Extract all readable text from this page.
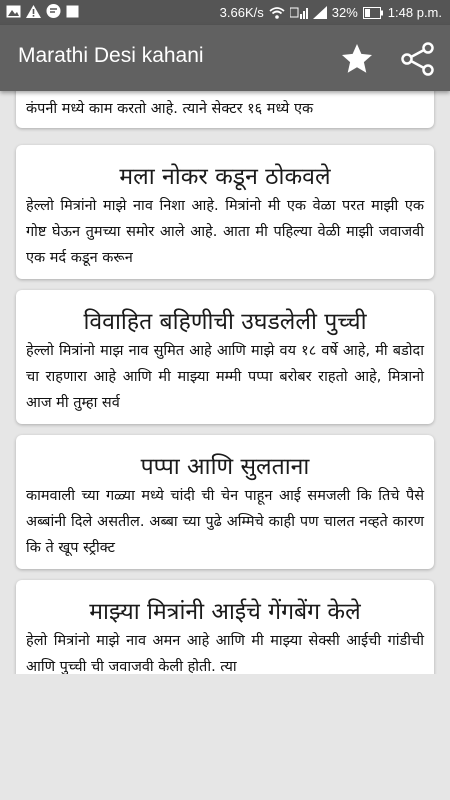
3.66K/s	32% 1:48 p.m.
Marathi Desi kahani
कंपनी मध्ये काम करतो आहे. त्याने सेक्टर १६ मध्ये एक
मला नोकर कडून ठोकवले
हेल्लो मित्रांनो माझे नाव निशा आहे. मित्रांनो मी एक वेळा परत माझी एक गोष्ट घेऊन तुमच्या समोर आले आहे. आता मी पहिल्या वेळी माझी जवाजवी एक मर्द कडून करून
विवाहित बहिणीची उघडलेली पुच्ची
हेल्लो मित्रांनो माझ नाव सुमित आहे आणि माझे वय १८ वर्षे आहे, मी बडोदा चा राहणारा आहे आणि मी माझ्या मम्मी पप्पा बरोबर राहतो आहे, मित्रानो आज मी तुम्हा सर्व
पप्पा आणि सुलताना
कामवाली च्या गळ्या मध्ये चांदी ची चेन पाहून आई समजली कि तिचे पैसे अब्बांनी दिले असतील. अब्बा च्या पुढे अम्मिचे काही पण चालत नव्हते कारण कि ते खूप स्ट्रीक्ट
माझ्या मित्रांनी आईचे गेंगबेंग केले
हेलो मित्रांनो माझे नाव अमन आहे आणि मी माझ्या सेक्सी आईची गांडीची आणि पुच्ची ची जवाजवी केली होती. त्या
